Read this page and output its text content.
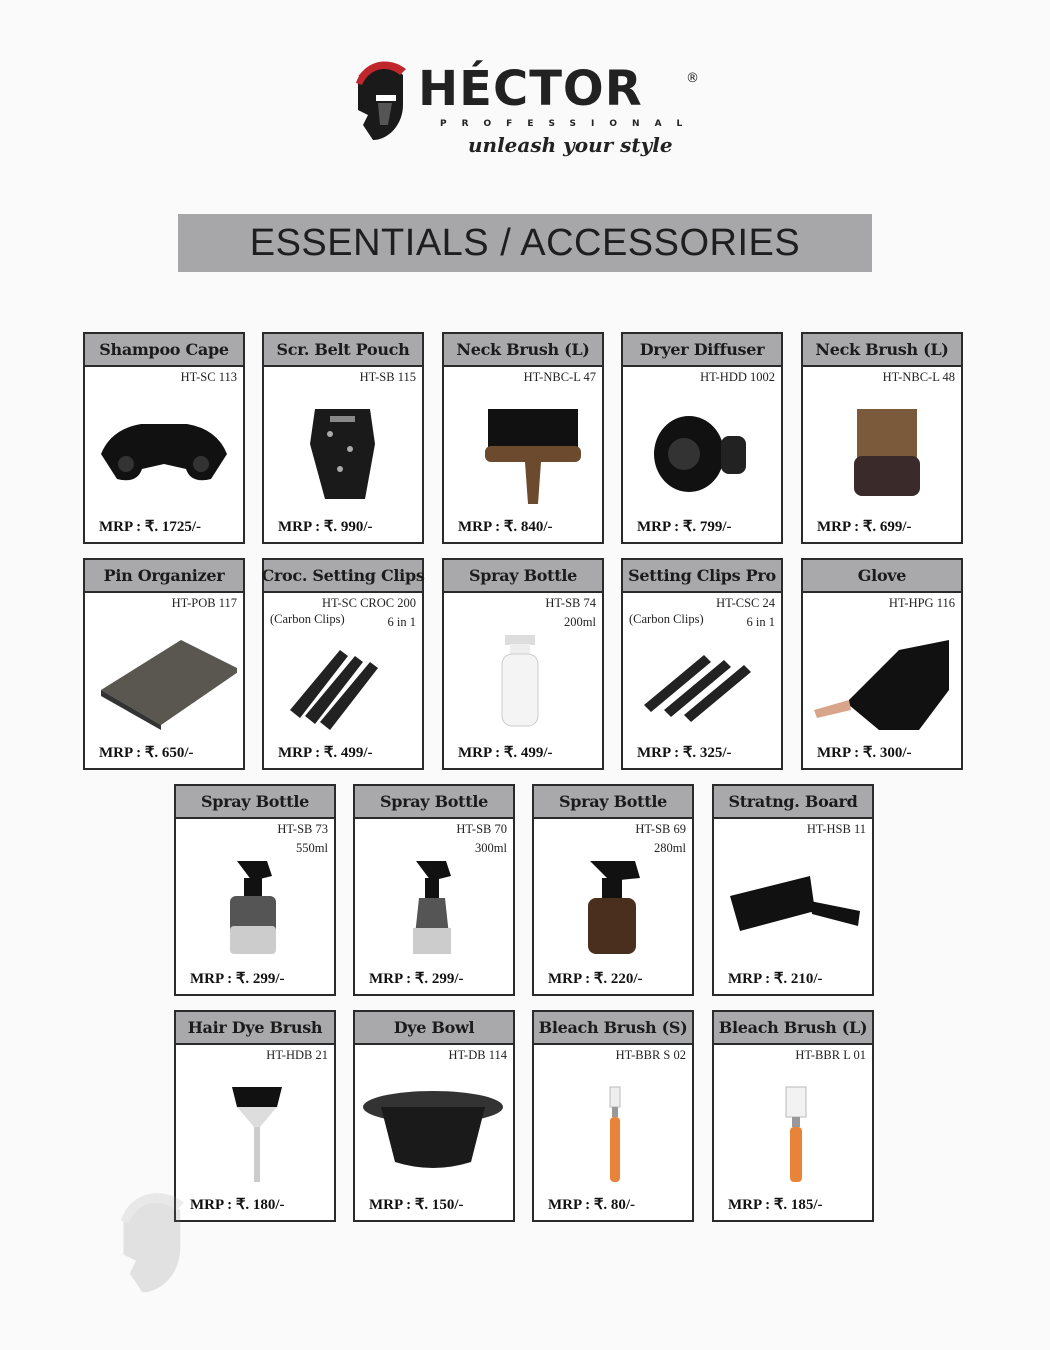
HÉCTOR	®
PROFESSIONAL
unleash your style
ESSENTIALS / ACCESSORIES
Shampoo Cape
HT-SC 113
MRP : ₹. 1725/-
Scr. Belt Pouch
HT-SB 115
MRP : ₹. 990/-
Neck Brush (L)
HT-NBC-L 47
MRP : ₹. 840/-
Dryer Diffuser
HT-HDD 1002
MRP : ₹. 799/-
Neck Brush (L)
HT-NBC-L 48
MRP : ₹. 699/-
Pin Organizer
HT-POB 117
MRP : ₹. 650/-
Croc. Setting Clips
HT-SC CROC 200
6 in 1
(Carbon Clips)
MRP : ₹. 499/-
Spray Bottle
HT-SB 74
200ml
MRP : ₹. 499/-
Setting Clips Pro
HT-CSC 24
6 in 1
(Carbon Clips)
MRP : ₹. 325/-
Glove
HT-HPG 116
MRP : ₹. 300/-
Spray Bottle
HT-SB 73
550ml
MRP : ₹. 299/-
Spray Bottle
HT-SB 70
300ml
MRP : ₹. 299/-
Spray Bottle
HT-SB 69
280ml
MRP : ₹. 220/-
Stratng. Board
HT-HSB 11
MRP : ₹. 210/-
Hair Dye Brush
HT-HDB 21
MRP : ₹. 180/-
Dye Bowl
HT-DB 114
MRP : ₹. 150/-
Bleach Brush (S)
HT-BBR S 02
MRP : ₹. 80/-
Bleach Brush (L)
HT-BBR L 01
MRP : ₹. 185/-
